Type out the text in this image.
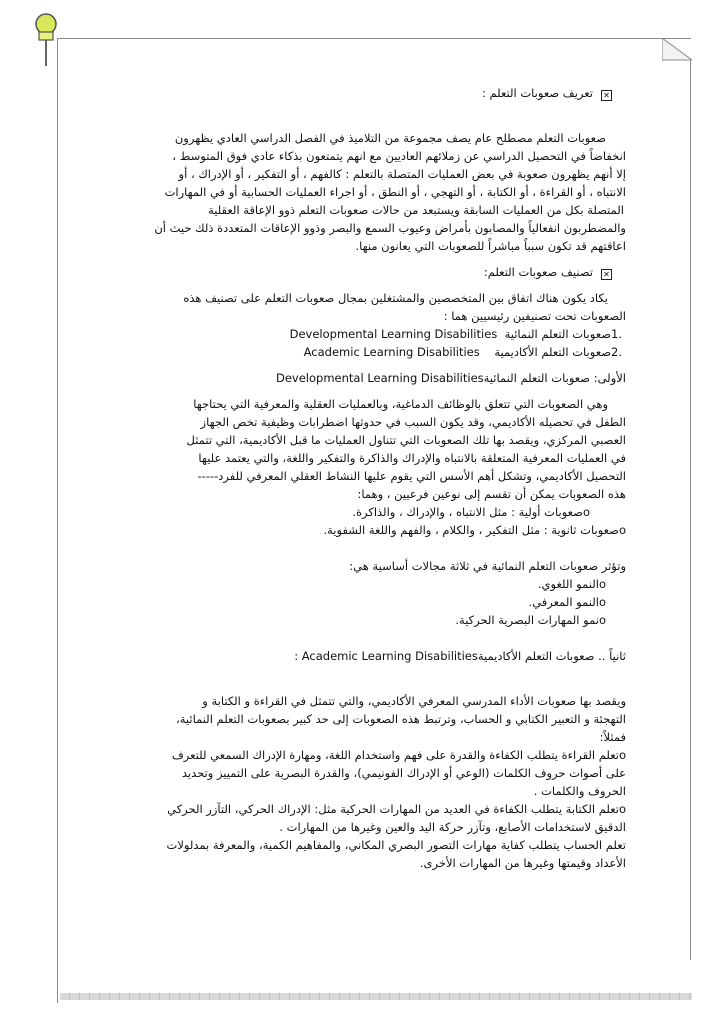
✕تعريف صعوبات التعلم :
صعوبات التعلم مصطلح عام يصف مجموعة من التلاميذ في الفصل الدراسي العادي يظهرون
انخفاضاً في التحصيل الدراسي عن زملائهم العاديين مع انهم يتمتعون بذكاء عادي فوق المتوسط ،
إلا أنهم يظهرون صعوبة في بعض العمليات المتصلة بالتعلم : كالفهم ، أو التفكير ، أو الإدراك ، أو
الانتباه ، أو القراءة ، أو الكتابة ، أو التهجي ، أو النطق ، أو اجراء العمليات الحسابية أو في المهارات
المتصلة بكل من العمليات السابقة ويستبعد من حالات صعوبات التعلم ذوو الإعاقة العقلية
والمضطربون انفعالياً والمصابون بأمراض وعيوب السمع والبصر وذوو الإعاقات المتعددة ذلك حيث أن
اعاقتهم قد تكون سبباً مباشراً للصعوبات التي يعانون منها.
✕تصنيف صعوبات التعلم:
يكاد يكون هناك اتفاق بين المتخصصين والمشتغلين بمجال صعوبات التعلم على تصنيف هذه
الصعوبات تحت تصنيفين رئيسيين هما :
.1صعوبات التعلم النمائية  Developmental Learning Disabilities
.2صعوبات التعلم الأكاديمية    Academic Learning Disabilities
الأولى: صعوبات التعلم النمائيةDevelopmental Learning Disabilities
وهي الصعوبات التي تتعلق بالوظائف الدماغية، وبالعمليات العقلية والمعرفية التي يحتاجها
الطفل في تحصيله الأكاديمي، وقد يكون السبب في حدوثها اضطرابات وظيفية تخص الجهاز
العصبي المركزي، ويقصد بها تلك الصعوبات التي تتناول العمليات ما قبل الأكاديمية، التي تتمثل
في العمليات المعرفية المتعلقة بالانتباه والإدراك والذاكرة والتفكير واللغة، والتي يعتمد عليها
التحصيل الأكاديمي، وتشكل أهم الأسس التي يقوم عليها النشاط العقلي المعرفي للفرد-----
هذه الصعوبات يمكن أن تقسم إلى نوعين فرعيين ، وهما:
oصعوبات أولية : مثل الانتباه ، والإدراك ، والذاكرة.
oصعوبات ثانوية : مثل التفكير ، والكلام ، والفهم واللغة الشفوية.
وتؤثر صعوبات التعلم النمائية في ثلاثة مجالات أساسية هي:
oالنمو اللغوي.
oالنمو المعرفي.
oنمو المهارات البصرية الحركية.
ثانياً .. صعوبات التعلم الأكاديميةAcademic Learning Disabilities :
ويقصد بها صعوبات الأداء المدرسي المعرفي الأكاديمي، والتي تتمثل في القراءة و الكتابة و
التهجئة و التعبير الكتابي و الحساب، وترتبط هذه الصعوبات إلى حد كبير بصعوبات التعلم النمائية،
فمثلاً:
oتعلم القراءة يتطلب الكفاءة والقدرة على فهم واستخدام اللغة، ومهارة الإدراك السمعي للتعرف
على أصوات حروف الكلمات (الوعي أو الإدراك الفونيمي)، والقدرة البصرية على التمييز وتحديد
الحروف والكلمات .
oتعلم الكتابة يتطلب الكفاءة في العديد من المهارات الحركية مثل: الإدراك الحركي، التآزر الحركي
الدقيق لاستخدامات الأصابع، وتآزر حركة اليد والعين وغيرها من المهارات .
تعلم الحساب يتطلب كفاية مهارات التصور البصري المكاني، والمفاهيم الكمية، والمعرفة بمدلولات
الأعداد وقيمتها وغيرها من المهارات الأخرى.
